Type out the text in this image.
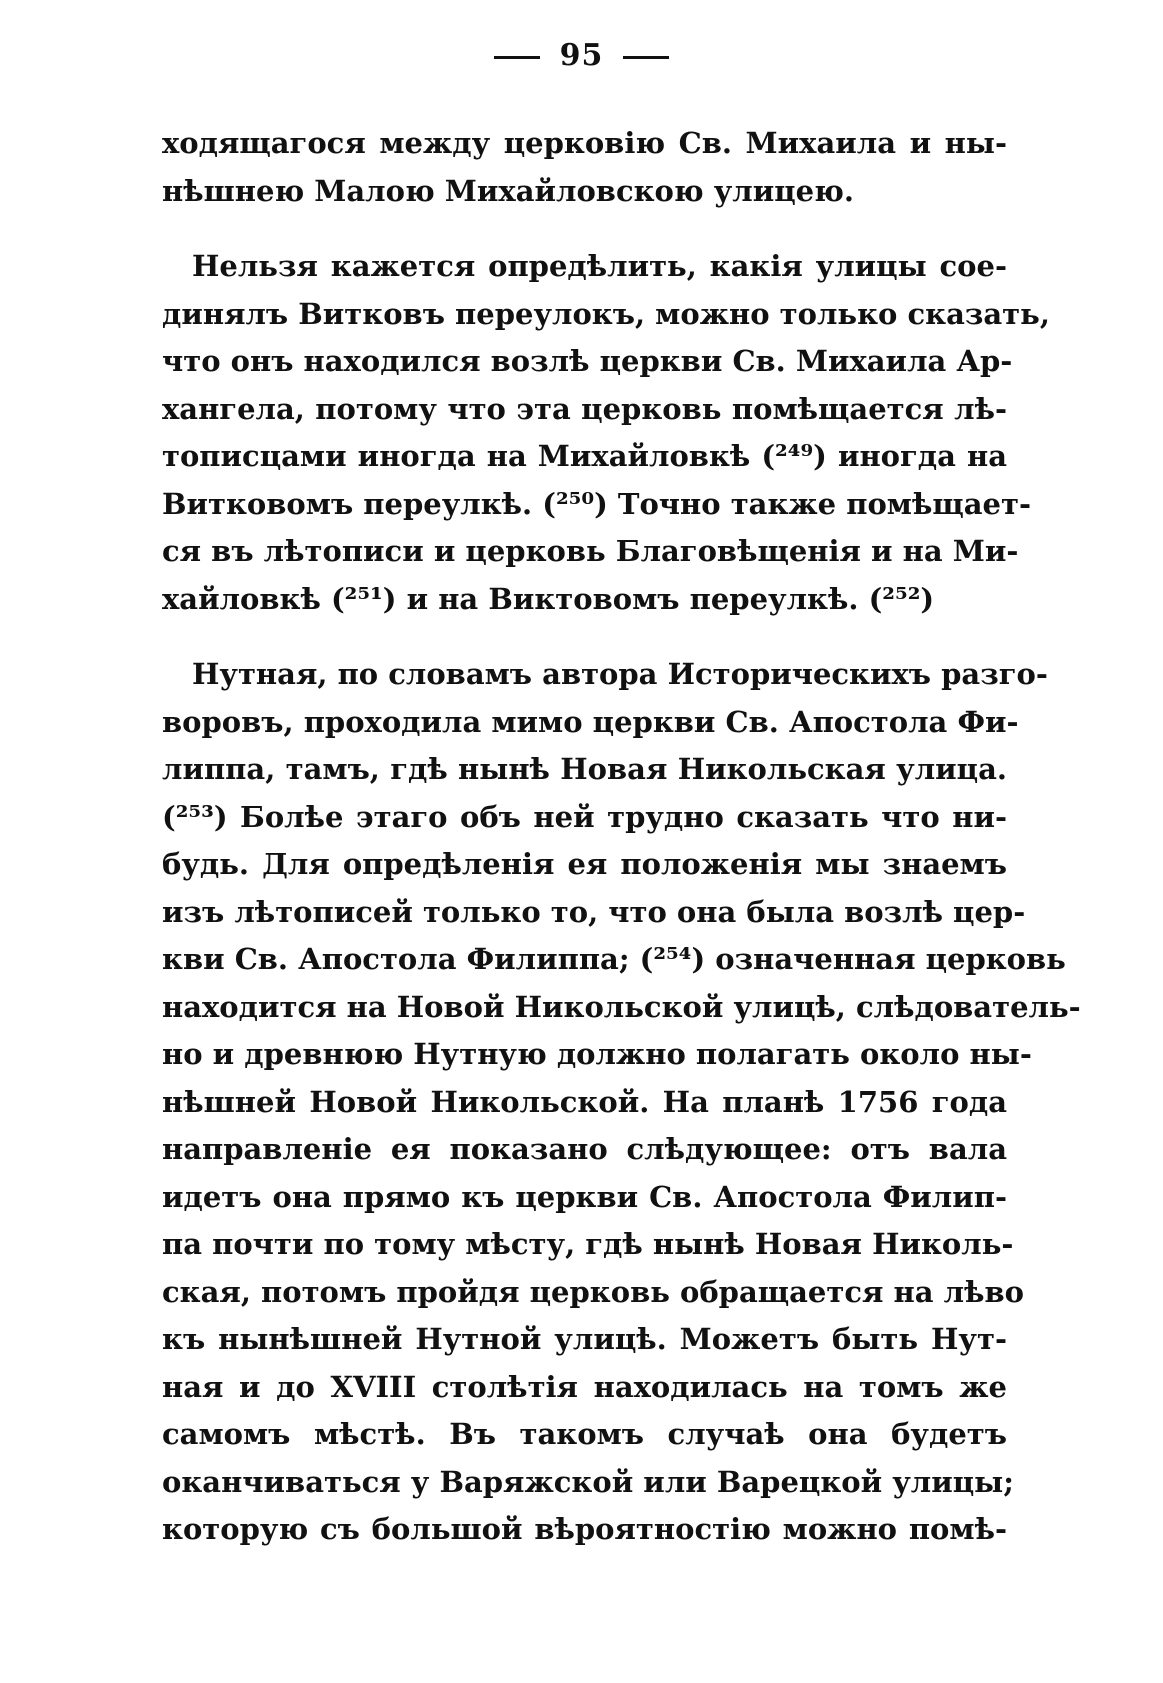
95
ходящагося между церковію Св. Михаила и ны-
нѣшнею Малою Михайловскою улицею.
Нельзя кажется опредѣлить, какія улицы сое-
динялъ Витковъ переулокъ, можно только сказать,
что онъ находился возлѣ церкви Св. Михаила Ар-
хангела, потому что эта церковь помѣщается лѣ-
тописцами иногда на Михайловкѣ (²⁴⁹) иногда на
Витковомъ переулкѣ. (²⁵⁰) Точно также помѣщает-
ся въ лѣтописи и церковь Благовѣщенія и на Ми-
хайловкѣ (²⁵¹) и на Виктовомъ переулкѣ. (²⁵²)
Нутная, по словамъ автора Историческихъ разго-
воровъ, проходила мимо церкви Св. Апостола Фи-
липпа, тамъ, гдѣ нынѣ Новая Никольская улица.
(²⁵³) Болѣе этаго объ ней трудно сказать что ни-
будь. Для опредѣленія ея положенія мы знаемъ
изъ лѣтописей только то, что она была возлѣ цер-
кви Св. Апостола Филиппа; (²⁵⁴) означенная церковь
находится на Новой Никольской улицѣ, слѣдователь-
но и древнюю Нутную должно полагать около ны-
нѣшней Новой Никольской. На планѣ 1756 года
направленіе ея показано слѣдующее: отъ вала
идетъ она прямо къ церкви Св. Апостола Филип-
па почти по тому мѣсту, гдѣ нынѣ Новая Николь-
ская, потомъ пройдя церковь обращается на лѣво
къ нынѣшней Нутной улицѣ. Можетъ быть Нут-
ная и до XVIII столѣтія находилась на томъ же
самомъ мѣстѣ. Въ такомъ случаѣ она будетъ
оканчиваться у Варяжской или Варецкой улицы;
которую съ большой вѣроятностію можно помѣ-
